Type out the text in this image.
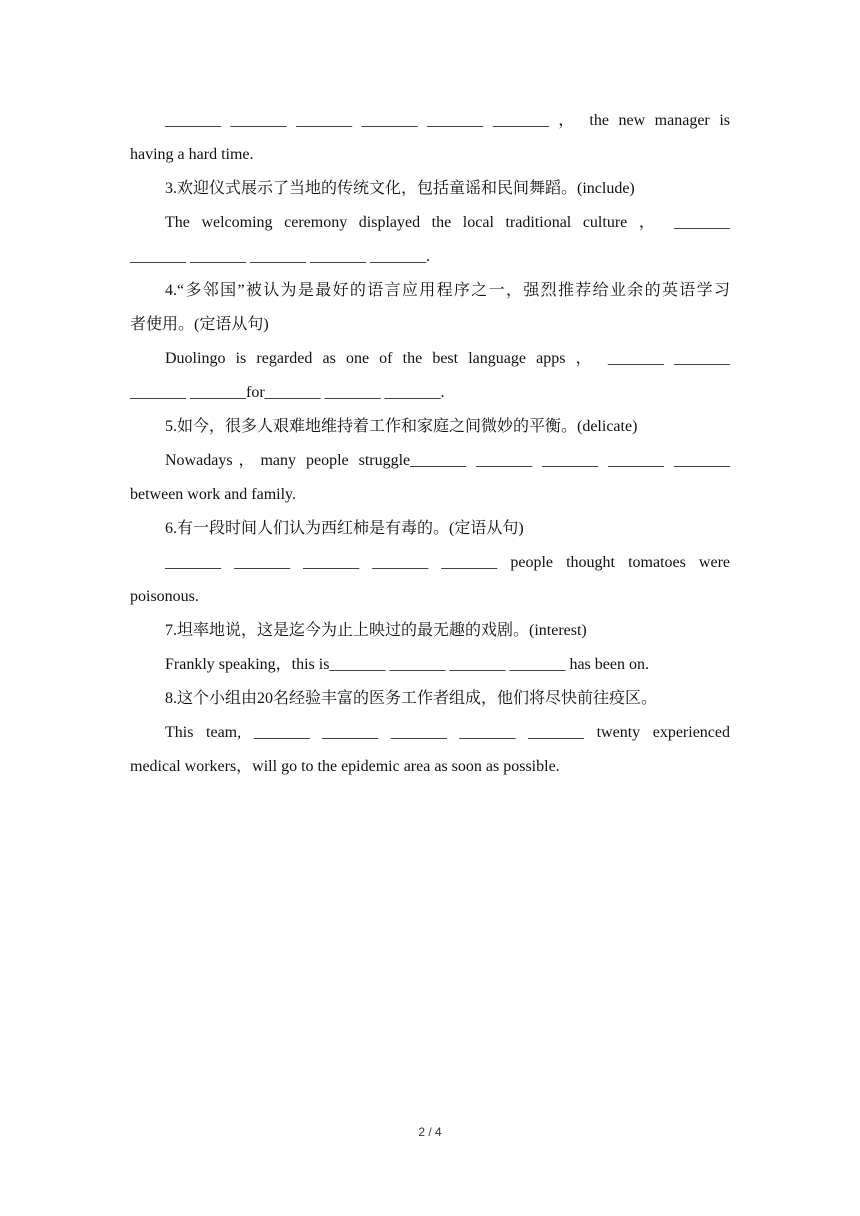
_______ _______ _______ _______ _______ _______ ， the new manager is
having a hard time.
3.欢迎仪式展示了当地的传统文化，包括童谣和民间舞蹈。(include)
The welcoming ceremony displayed the local traditional culture ， _______
_______ _______ _______ _______ _______.
4.“多邻国”被认为是最好的语言应用程序之一，强烈推荐给业余的英语学习
者使用。(定语从句)
Duolingo is regarded as one of the best language apps ， _______ _______
_______ _______for_______ _______ _______.
5.如今，很多人艰难地维持着工作和家庭之间微妙的平衡。(delicate)
Nowadays，many people struggle_______ _______ _______ _______ _______
between work and family.
6.有一段时间人们认为西红柿是有毒的。(定语从句)
_______ _______ _______ _______ _______ people thought tomatoes were
poisonous.
7.坦率地说，这是迄今为止上映过的最无趣的戏剧。(interest)
Frankly speaking，this is_______ _______ _______ _______ has been on.
8.这个小组由20名经验丰富的医务工作者组成，他们将尽快前往疫区。
This team, _______ _______ _______ _______ _______ twenty experienced
medical workers，will go to the epidemic area as soon as possible.
2 / 4
